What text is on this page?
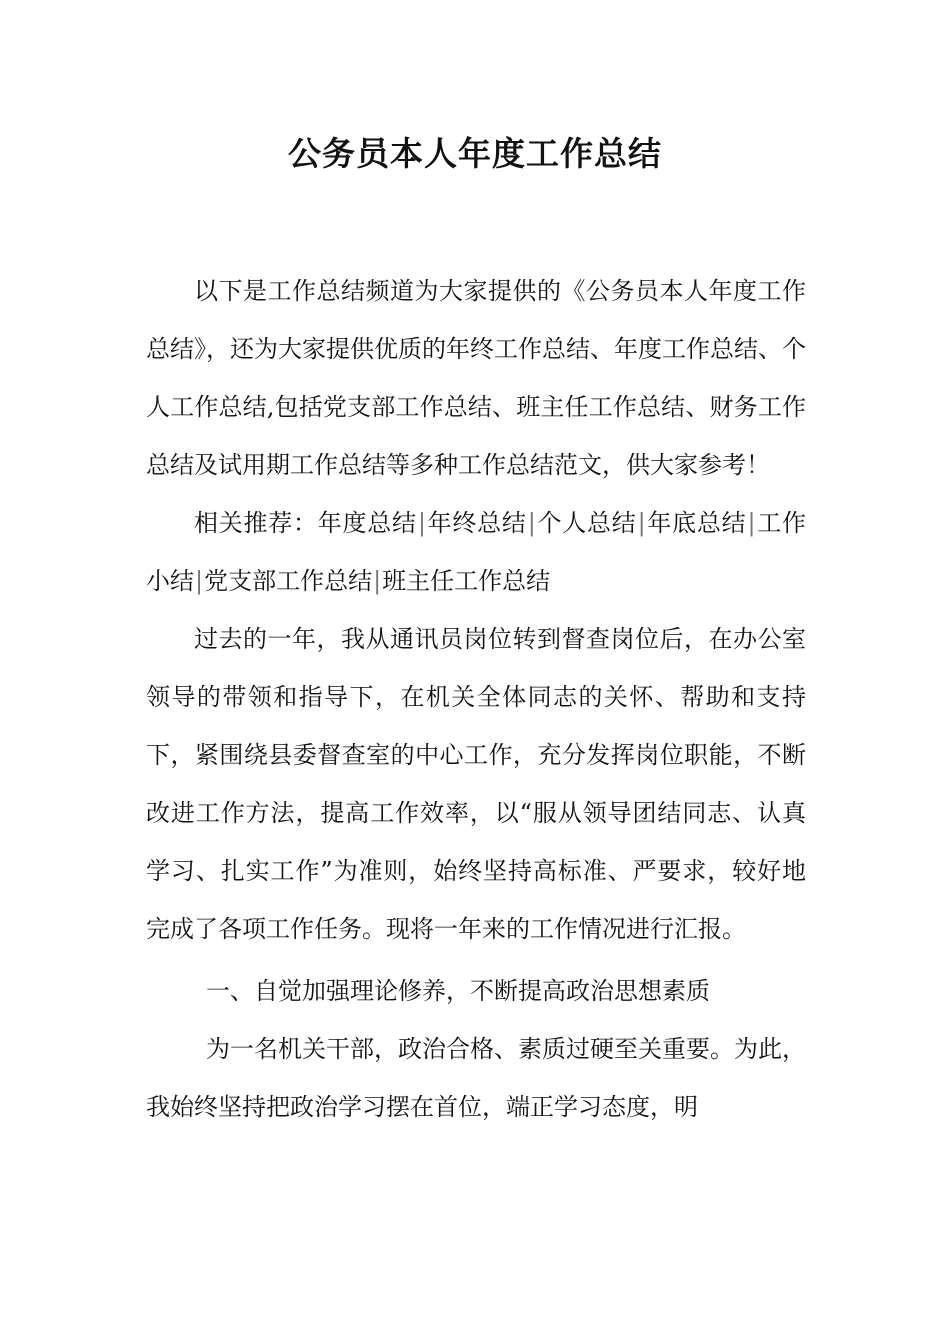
公务员本人年度工作总结

以下是工作总结频道为大家提供的《公务员本人年度工作总结》，还为大家提供优质的年终工作总结、年度工作总结、个人工作总结,包括党支部工作总结、班主任工作总结、财务工作总结及试用期工作总结等多种工作总结范文，供大家参考！

相关推荐：年度总结|年终总结|个人总结|年底总结|工作小结|党支部工作总结|班主任工作总结

过去的一年，我从通讯员岗位转到督查岗位后，在办公室领导的带领和指导下，在机关全体同志的关怀、帮助和支持下，紧围绕县委督查室的中心工作，充分发挥岗位职能，不断改进工作方法，提高工作效率，以“服从领导团结同志、认真学习、扎实工作”为准则，始终坚持高标准、严要求，较好地完成了各项工作任务。现将一年来的工作情况进行汇报。

一、自觉加强理论修养，不断提高政治思想素质

为一名机关干部，政治合格、素质过硬至关重要。为此，我始终坚持把政治学习摆在首位，端正学习态度，明
